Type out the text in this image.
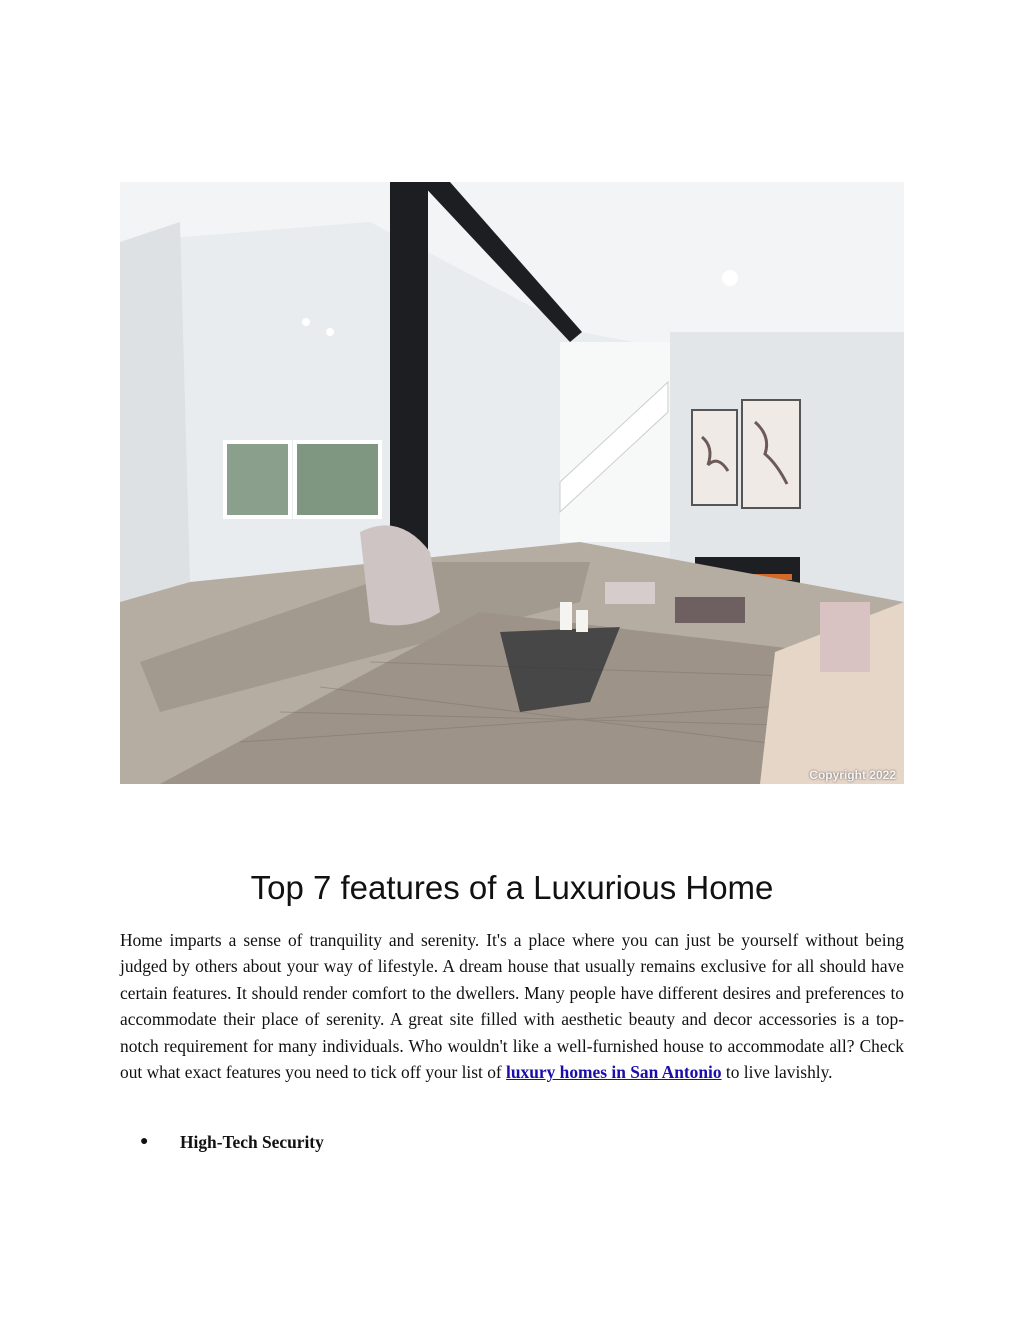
Copyright 2022
Top 7 features of a Luxurious Home

Home imparts a sense of tranquility and serenity. It's a place where you can just be yourself without being judged by others about your way of lifestyle. A dream house that usually remains exclusive for all should have certain features. It should render comfort to the dwellers. Many people have different desires and preferences to accommodate their place of serenity. A great site filled with aesthetic beauty and decor accessories is a top-notch requirement for many individuals. Who wouldn't like a well-furnished house to accommodate all? Check out what exact features you need to tick off your list of luxury homes in San Antonio to live lavishly.

● High-Tech Security
